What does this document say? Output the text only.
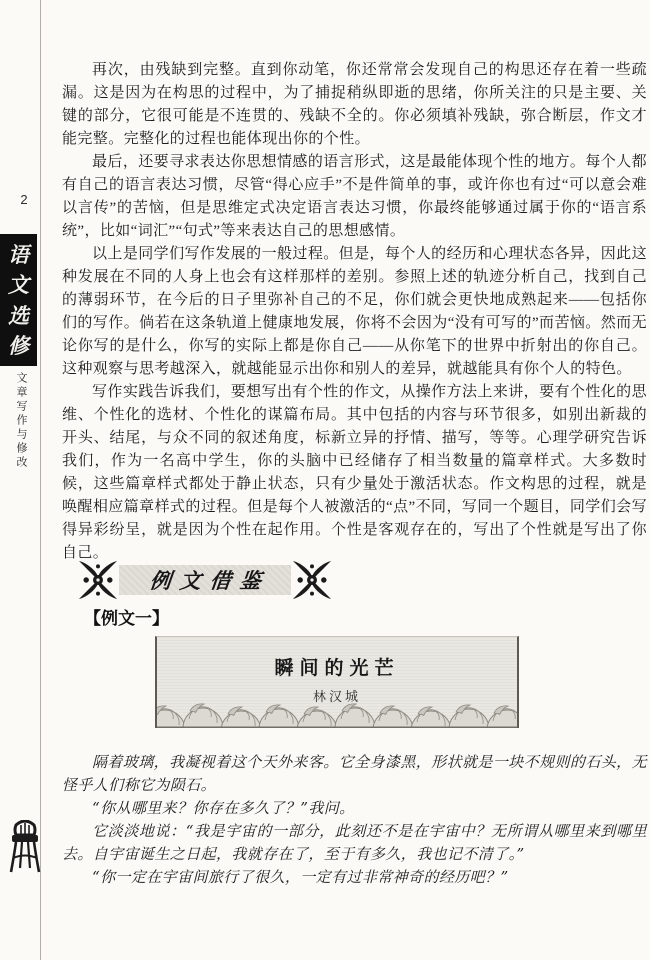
2
语
文
选
修
文章写作与修改

再次，由残缺到完整。直到你动笔，你还常常会发现自己的构思还存在着一些疏漏。这是因为在构思的过程中，为了捕捉稍纵即逝的思绪，你所关注的只是主要、关键的部分，它很可能是不连贯的、残缺不全的。你必须填补残缺，弥合断层，作文才能完整。完整化的过程也能体现出你的个性。

最后，还要寻求表达你思想情感的语言形式，这是最能体现个性的地方。每个人都有自己的语言表达习惯，尽管“得心应手”不是件简单的事，或许你也有过“可以意会难以言传”的苦恼，但是思维定式决定语言表达习惯，你最终能够通过属于你的“语言系统”，比如“词汇”“句式”等来表达自己的思想感情。

以上是同学们写作发展的一般过程。但是，每个人的经历和心理状态各异，因此这种发展在不同的人身上也会有这样那样的差别。参照上述的轨迹分析自己，找到自己的薄弱环节，在今后的日子里弥补自己的不足，你们就会更快地成熟起来——包括你们的写作。倘若在这条轨道上健康地发展，你将不会因为“没有可写的”而苦恼。然而无论你写的是什么，你写的实际上都是你自己——从你笔下的世界中折射出的你自己。这种观察与思考越深入，就越能显示出你和别人的差异，就越能具有你个人的特色。

写作实践告诉我们，要想写出有个性的作文，从操作方法上来讲，要有个性化的思维、个性化的选材、个性化的谋篇布局。其中包括的内容与环节很多，如别出新裁的开头、结尾，与众不同的叙述角度，标新立异的抒情、描写，等等。心理学研究告诉我们，作为一名高中学生，你的头脑中已经储存了相当数量的篇章样式。大多数时候，这些篇章样式都处于静止状态，只有少量处于激活状态。作文构思的过程，就是唤醒相应篇章样式的过程。但是每个人被激活的“点”不同，写同一个题目，同学们会写得异彩纷呈，就是因为个性在起作用。个性是客观存在的，写出了个性就是写出了你自己。

例文借鉴
【例文一】
瞬间的光芒
林汉城

隔着玻璃，我凝视着这个天外来客。它全身漆黑，形状就是一块不规则的石头，无怪乎人们称它为陨石。

“你从哪里来？你存在多久了？”我问。

它淡淡地说：“我是宇宙的一部分，此刻还不是在宇宙中？无所谓从哪里来到哪里去。自宇宙诞生之日起，我就存在了，至于有多久，我也记不清了。”

“你一定在宇宙间旅行了很久，一定有过非常神奇的经历吧？”
